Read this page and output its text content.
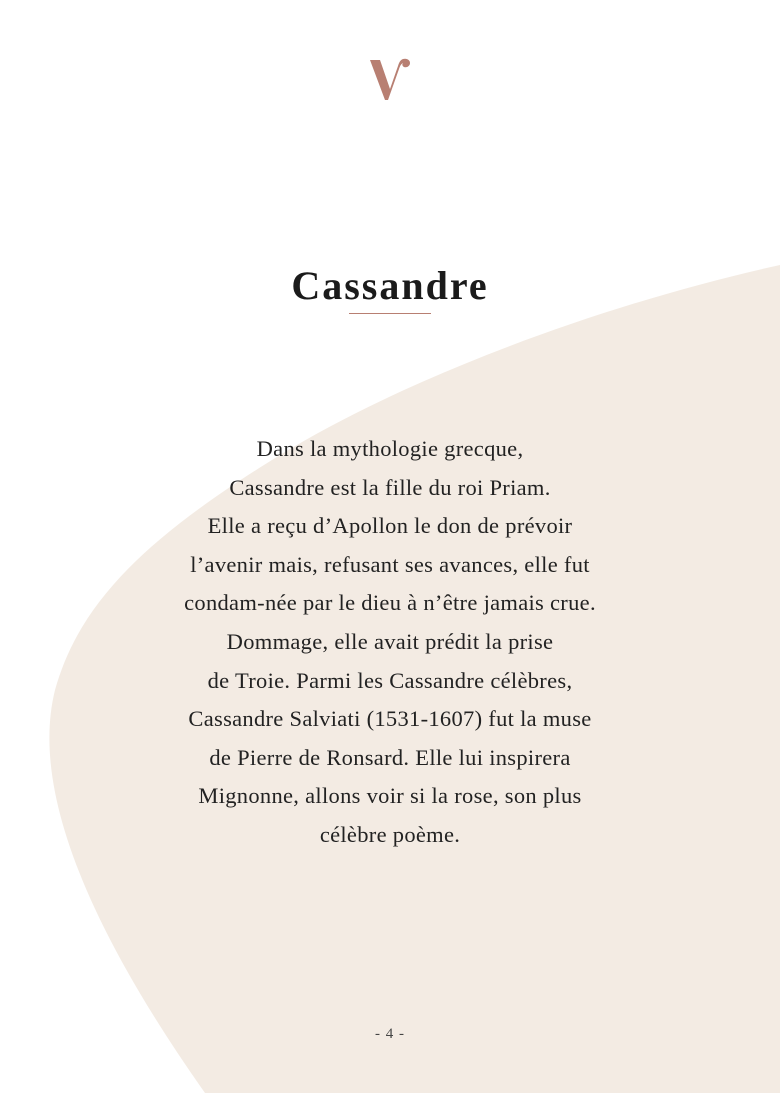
Cassandre

Dans la mythologie grecque,
Cassandre est la fille du roi Priam.
Elle a reçu d’Apollon le don de prévoir
l’avenir mais, refusant ses avances, elle fut
condam-née par le dieu à n’être jamais crue.
Dommage, elle avait prédit la prise
de Troie. Parmi les Cassandre célèbres,
Cassandre Salviati (1531-1607) fut la muse
de Pierre de Ronsard. Elle lui inspirera
Mignonne, allons voir si la rose, son plus
célèbre poème.

- 4 -
